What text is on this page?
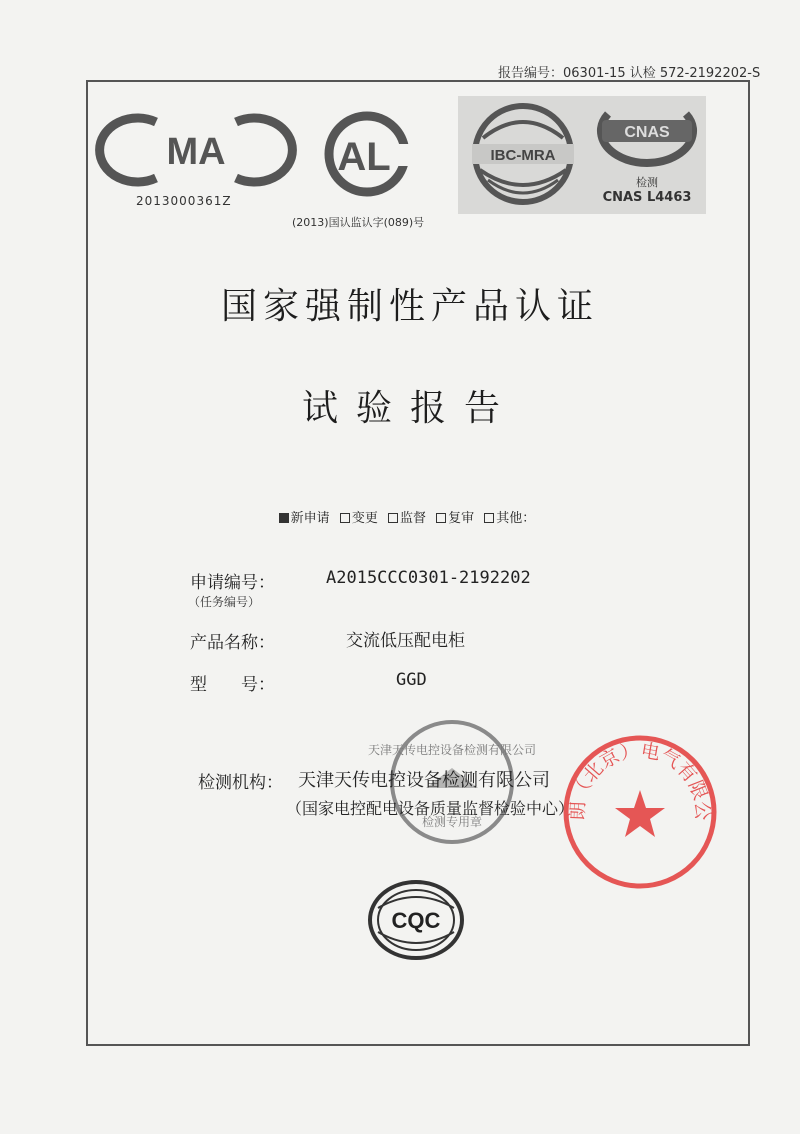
报告编号：06301-15 认检 572-2192202-S
MA
2013000361Z
AL
(2013)国认监认字(089)号
IBC-MRA
CNAS
检测
CNAS L4463
国家强制性产品认证
试验报告
新申请 变更 监督 复审 其他：
申请编号：
（任务编号）
A2015CCC0301-2192202
产品名称：	交流低压配电柜
型　　号：	GGD
天津天传电控设备检测有限公司
检测专用章
检测机构： 天津天传电控设备检测有限公司
（国家电控配电设备质量监督检验中心）
朗（北京）电气有限公
CQC
